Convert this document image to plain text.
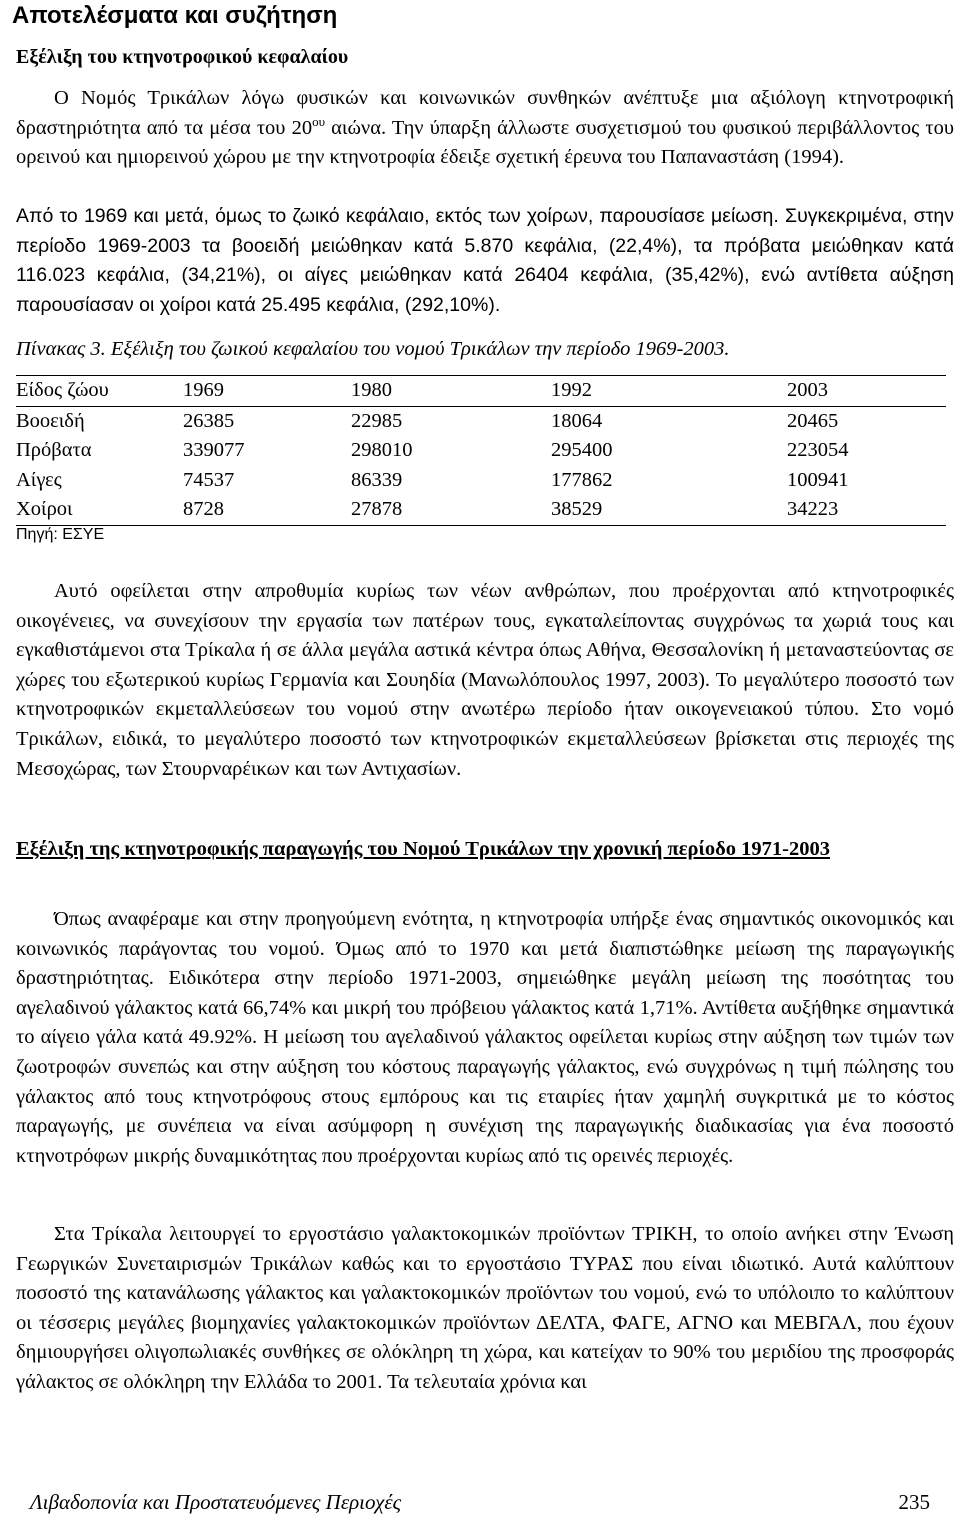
Αποτελέσματα και συζήτηση
Εξέλιξη του κτηνοτροφικού κεφαλαίου

Ο Νομός Τρικάλων λόγω φυσικών και κοινωνικών συνθηκών ανέπτυξε μια αξιόλογη κτηνοτροφική δραστηριότητα από τα μέσα του $20^{o\upsilon}$ αιώνα. Την ύπαρξη άλλωστε συσχετισμού του φυσικού περιβάλλοντος του ορεινού και ημιορεινού χώρου με την κτηνοτροφία έδειξε σχετική έρευνα του Παπαναστάση (1994).

Από το 1969 και μετά, όμως το ζωικό κεφάλαιο, εκτός των χοίρων, παρουσίασε μείωση. Συγκεκριμένα, στην περίοδο 1969-2003 τα βοοειδή μειώθηκαν κατά 5.870 κεφάλια, (22,4%), τα πρόβατα μειώθηκαν κατά 116.023 κεφάλια, (34,21%), οι αίγες μειώθηκαν κατά 26404 κεφάλια, (35,42%), ενώ αντίθετα αύξηση παρουσίασαν οι χοίροι κατά 25.495 κεφάλια, (292,10%).

Πίνακας 3. Εξέλιξη του ζωικού κεφαλαίου του νομού Τρικάλων την περίοδο 1969-2003.
Είδος ζώου	1969	1980	1992	2003
Βοοειδή	26385	22985	18064	20465
Πρόβατα	339077	298010	295400	223054
Αίγες	74537	86339	177862	100941
Χοίροι	8728	27878	38529	34223
Πηγή: ΕΣΥΕ

Αυτό οφείλεται στην απροθυμία κυρίως των νέων ανθρώπων, που προέρχονται από κτηνοτροφικές οικογένειες, να συνεχίσουν την εργασία των πατέρων τους, εγκαταλείποντας συγχρόνως τα χωριά τους και εγκαθιστάμενοι στα Τρίκαλα ή σε άλλα μεγάλα αστικά κέντρα όπως Αθήνα, Θεσσαλονίκη ή μεταναστεύοντας σε χώρες του εξωτερικού κυρίως Γερμανία και Σουηδία (Μανωλόπουλος 1997, 2003). Το μεγαλύτερο ποσοστό των κτηνοτροφικών εκμεταλλεύσεων του νομού στην ανωτέρω περίοδο ήταν οικογενειακού τύπου. Στο νομό Τρικάλων, ειδικά, το μεγαλύτερο ποσοστό των κτηνοτροφικών εκμεταλλεύσεων βρίσκεται στις περιοχές της Μεσοχώρας, των Στουρναρέικων και των Αντιχασίων.

Εξέλιξη της κτηνοτροφικής παραγωγής του Νομού Τρικάλων την χρονική περίοδο 1971-2003

Όπως αναφέραμε και στην προηγούμενη ενότητα, η κτηνοτροφία υπήρξε ένας σημαντικός οικονομικός και κοινωνικός παράγοντας του νομού. Όμως από το 1970 και μετά διαπιστώθηκε μείωση της παραγωγικής δραστηριότητας. Ειδικότερα στην περίοδο 1971-2003, σημειώθηκε μεγάλη μείωση της ποσότητας του αγελαδινού γάλακτος κατά 66,74% και μικρή του πρόβειου γάλακτος κατά 1,71%. Αντίθετα αυξήθηκε σημαντικά το αίγειο γάλα κατά 49.92%. Η μείωση του αγελαδινού γάλακτος οφείλεται κυρίως στην αύξηση των τιμών των ζωοτροφών συνεπώς και στην αύξηση του κόστους παραγωγής γάλακτος, ενώ συγχρόνως η τιμή πώλησης του γάλακτος από τους κτηνοτρόφους στους εμπόρους και τις εταιρίες ήταν χαμηλή συγκριτικά με το κόστος παραγωγής, με συνέπεια να είναι ασύμφορη η συνέχιση της παραγωγικής διαδικασίας για ένα ποσοστό κτηνοτρόφων μικρής δυναμικότητας που προέρχονται κυρίως από τις ορεινές περιοχές.

Στα Τρίκαλα λειτουργεί το εργοστάσιο γαλακτοκομικών προϊόντων ΤΡΙΚΗ, το οποίο ανήκει στην Ένωση Γεωργικών Συνεταιρισμών Τρικάλων καθώς και το εργοστάσιο ΤΥΡΑΣ που είναι ιδιωτικό. Αυτά καλύπτουν ποσοστό της κατανάλωσης γάλακτος και γαλακτοκομικών προϊόντων του νομού, ενώ το υπόλοιπο το καλύπτουν οι τέσσερις μεγάλες βιομηχανίες γαλακτοκομικών προϊόντων ΔΕΛΤΑ, ΦΑΓΕ, ΑΓΝΟ και ΜΕΒΓΑΛ, που έχουν δημιουργήσει ολιγοπωλιακές συνθήκες σε ολόκληρη τη χώρα, και κατείχαν το 90% του μεριδίου της προσφοράς γάλακτος σε ολόκληρη την Ελλάδα το 2001. Τα τελευταία χρόνια και

Λιβαδοπονία και Προστατευόμενες Περιοχές	235
